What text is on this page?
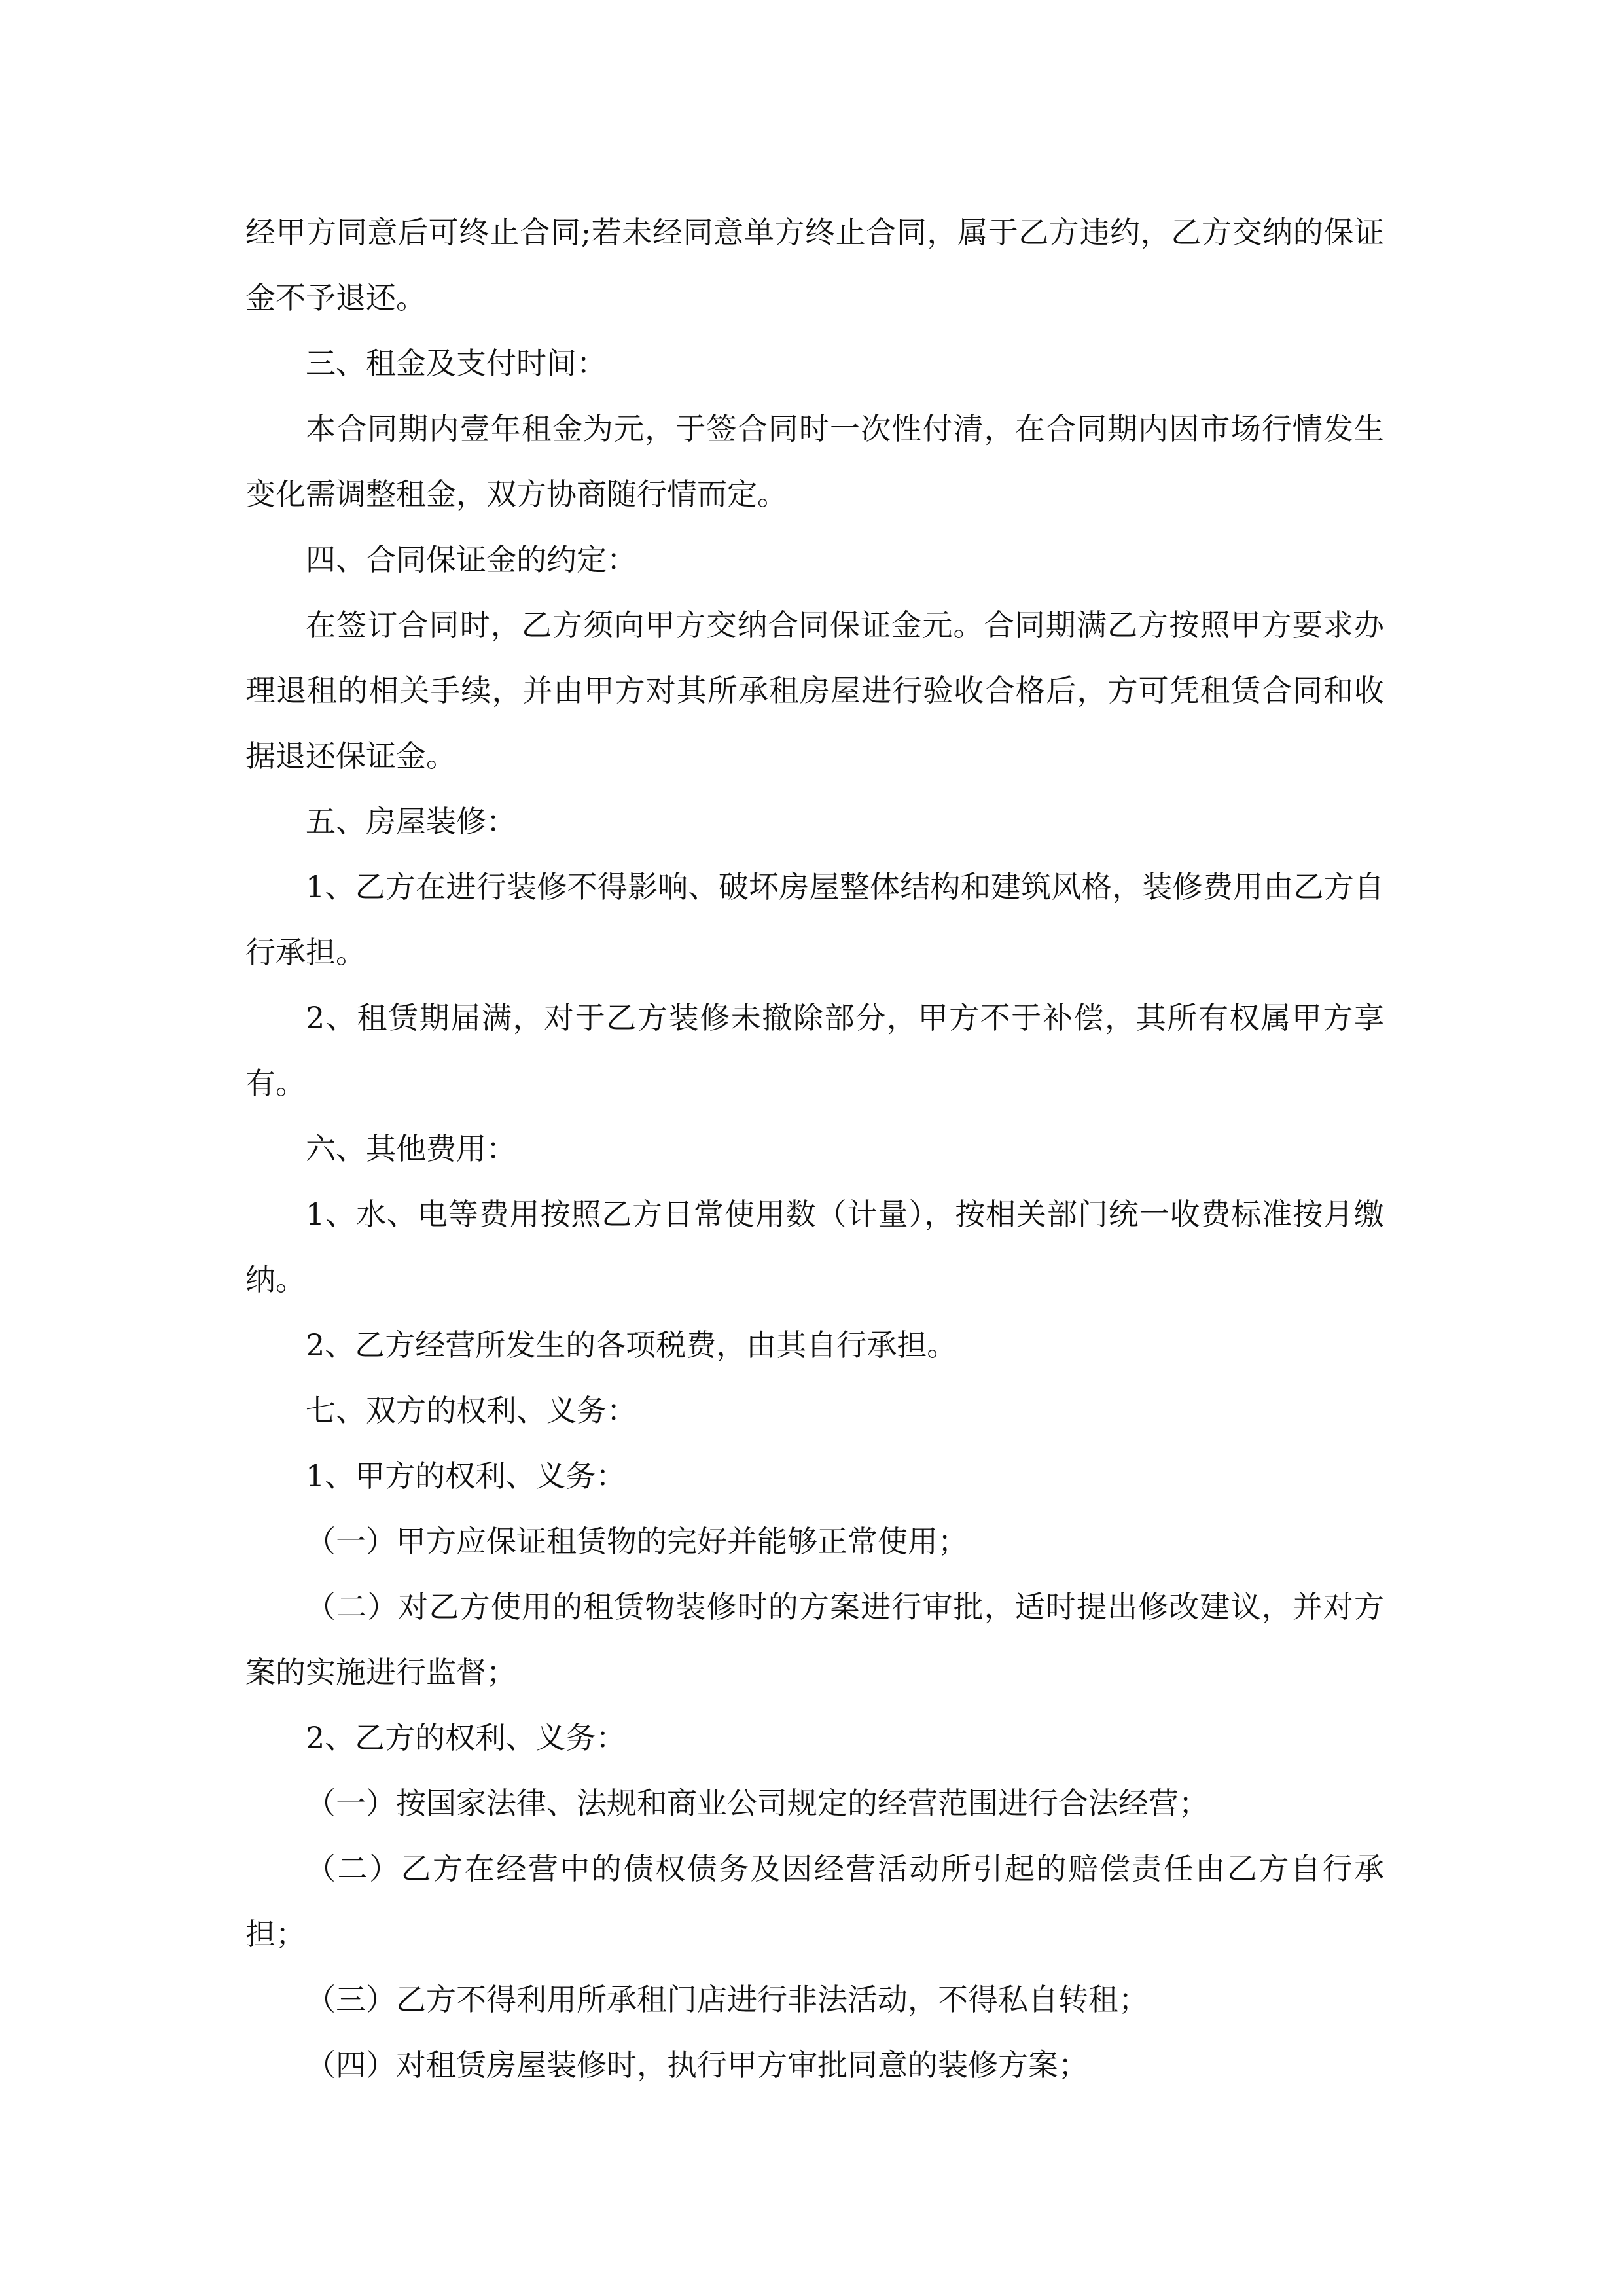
经甲方同意后可终止合同;若未经同意单方终止合同，属于乙方违约，乙方交纳的保证金不予退还。

三、租金及支付时间：

本合同期内壹年租金为元，于签合同时一次性付清，在合同期内因市场行情发生变化需调整租金，双方协商随行情而定。

四、合同保证金的约定：

在签订合同时，乙方须向甲方交纳合同保证金元。合同期满乙方按照甲方要求办理退租的相关手续，并由甲方对其所承租房屋进行验收合格后，方可凭租赁合同和收据退还保证金。

五、房屋装修：

1、乙方在进行装修不得影响、破坏房屋整体结构和建筑风格，装修费用由乙方自行承担。

2、租赁期届满，对于乙方装修未撤除部分，甲方不于补偿，其所有权属甲方享有。

六、其他费用：

1、水、电等费用按照乙方日常使用数（计量），按相关部门统一收费标准按月缴纳。

2、乙方经营所发生的各项税费，由其自行承担。

七、双方的权利、义务：

1、甲方的权利、义务：

（一）甲方应保证租赁物的完好并能够正常使用；

（二）对乙方使用的租赁物装修时的方案进行审批，适时提出修改建议，并对方案的实施进行监督；

2、乙方的权利、义务：

（一）按国家法律、法规和商业公司规定的经营范围进行合法经营；

（二）乙方在经营中的债权债务及因经营活动所引起的赔偿责任由乙方自行承担；

（三）乙方不得利用所承租门店进行非法活动，不得私自转租；

（四）对租赁房屋装修时，执行甲方审批同意的装修方案；
